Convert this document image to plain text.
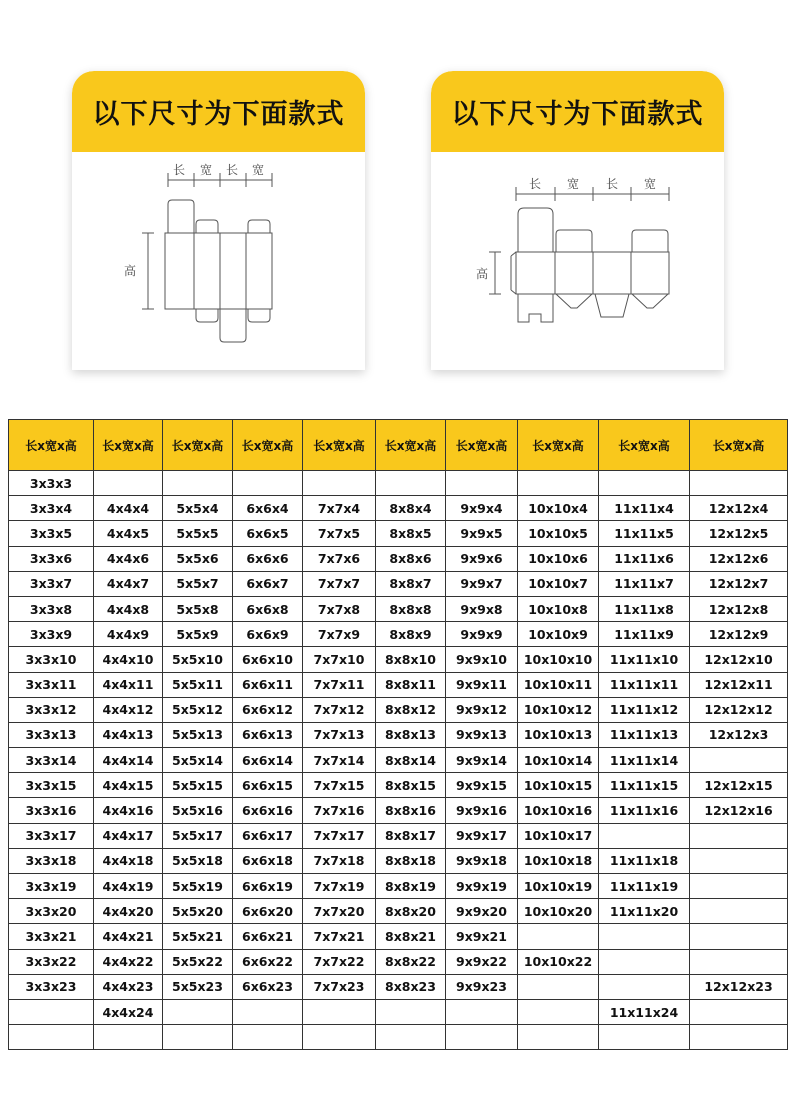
以下尺寸为下面款式
长 宽 长 宽
高
以下尺寸为下面款式
长 宽 长 宽
高
长x宽x高	长x宽x高	长x宽x高	长x宽x高	长x宽x高	长x宽x高	长x宽x高	长x宽x高	长x宽x高	长x宽x高
3x3x3									
3x3x4	4x4x4	5x5x4	6x6x4	7x7x4	8x8x4	9x9x4	10x10x4	11x11x4	12x12x4
3x3x5	4x4x5	5x5x5	6x6x5	7x7x5	8x8x5	9x9x5	10x10x5	11x11x5	12x12x5
3x3x6	4x4x6	5x5x6	6x6x6	7x7x6	8x8x6	9x9x6	10x10x6	11x11x6	12x12x6
3x3x7	4x4x7	5x5x7	6x6x7	7x7x7	8x8x7	9x9x7	10x10x7	11x11x7	12x12x7
3x3x8	4x4x8	5x5x8	6x6x8	7x7x8	8x8x8	9x9x8	10x10x8	11x11x8	12x12x8
3x3x9	4x4x9	5x5x9	6x6x9	7x7x9	8x8x9	9x9x9	10x10x9	11x11x9	12x12x9
3x3x10	4x4x10	5x5x10	6x6x10	7x7x10	8x8x10	9x9x10	10x10x10	11x11x10	12x12x10
3x3x11	4x4x11	5x5x11	6x6x11	7x7x11	8x8x11	9x9x11	10x10x11	11x11x11	12x12x11
3x3x12	4x4x12	5x5x12	6x6x12	7x7x12	8x8x12	9x9x12	10x10x12	11x11x12	12x12x12
3x3x13	4x4x13	5x5x13	6x6x13	7x7x13	8x8x13	9x9x13	10x10x13	11x11x13	12x12x3
3x3x14	4x4x14	5x5x14	6x6x14	7x7x14	8x8x14	9x9x14	10x10x14	11x11x14	
3x3x15	4x4x15	5x5x15	6x6x15	7x7x15	8x8x15	9x9x15	10x10x15	11x11x15	12x12x15
3x3x16	4x4x16	5x5x16	6x6x16	7x7x16	8x8x16	9x9x16	10x10x16	11x11x16	12x12x16
3x3x17	4x4x17	5x5x17	6x6x17	7x7x17	8x8x17	9x9x17	10x10x17		
3x3x18	4x4x18	5x5x18	6x6x18	7x7x18	8x8x18	9x9x18	10x10x18	11x11x18	
3x3x19	4x4x19	5x5x19	6x6x19	7x7x19	8x8x19	9x9x19	10x10x19	11x11x19	
3x3x20	4x4x20	5x5x20	6x6x20	7x7x20	8x8x20	9x9x20	10x10x20	11x11x20	
3x3x21	4x4x21	5x5x21	6x6x21	7x7x21	8x8x21	9x9x21			
3x3x22	4x4x22	5x5x22	6x6x22	7x7x22	8x8x22	9x9x22	10x10x22		
3x3x23	4x4x23	5x5x23	6x6x23	7x7x23	8x8x23	9x9x23			12x12x23
	4x4x24							11x11x24	
